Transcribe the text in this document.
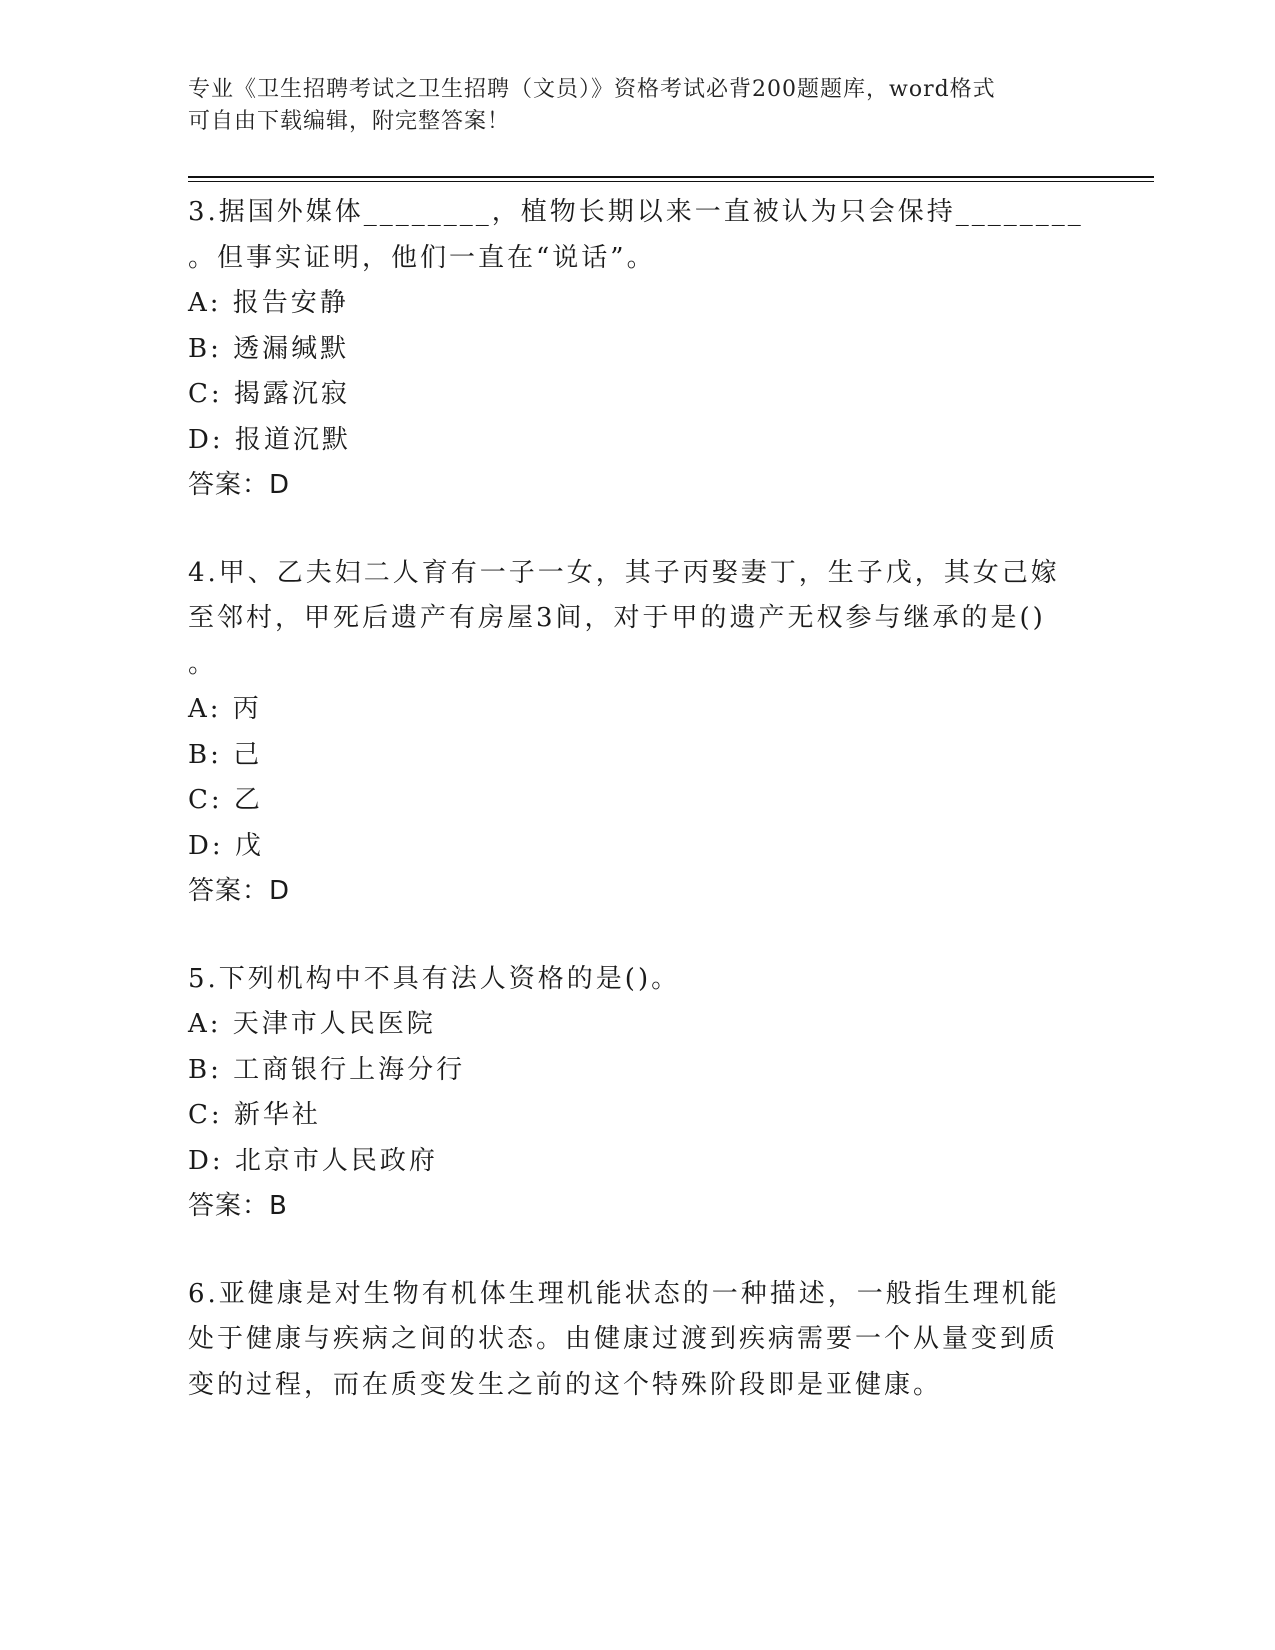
专业《卫生招聘考试之卫生招聘（文员）》资格考试必背200题题库，word格式
可自由下载编辑，附完整答案！
3.据国外媒体________，植物长期以来一直被认为只会保持________
。但事实证明，他们一直在“说话”。
A: 报告安静
B: 透漏缄默
C: 揭露沉寂
D: 报道沉默
答案：D
4.甲、乙夫妇二人育有一子一女，其子丙娶妻丁，生子戊，其女己嫁
至邻村，甲死后遗产有房屋3间，对于甲的遗产无权参与继承的是()
。
A: 丙
B: 己
C: 乙
D: 戊
答案：D
5.下列机构中不具有法人资格的是()。
A: 天津市人民医院
B: 工商银行上海分行
C: 新华社
D: 北京市人民政府
答案：B
6.亚健康是对生物有机体生理机能状态的一种描述，一般指生理机能
处于健康与疾病之间的状态。由健康过渡到疾病需要一个从量变到质
变的过程，而在质变发生之前的这个特殊阶段即是亚健康。
